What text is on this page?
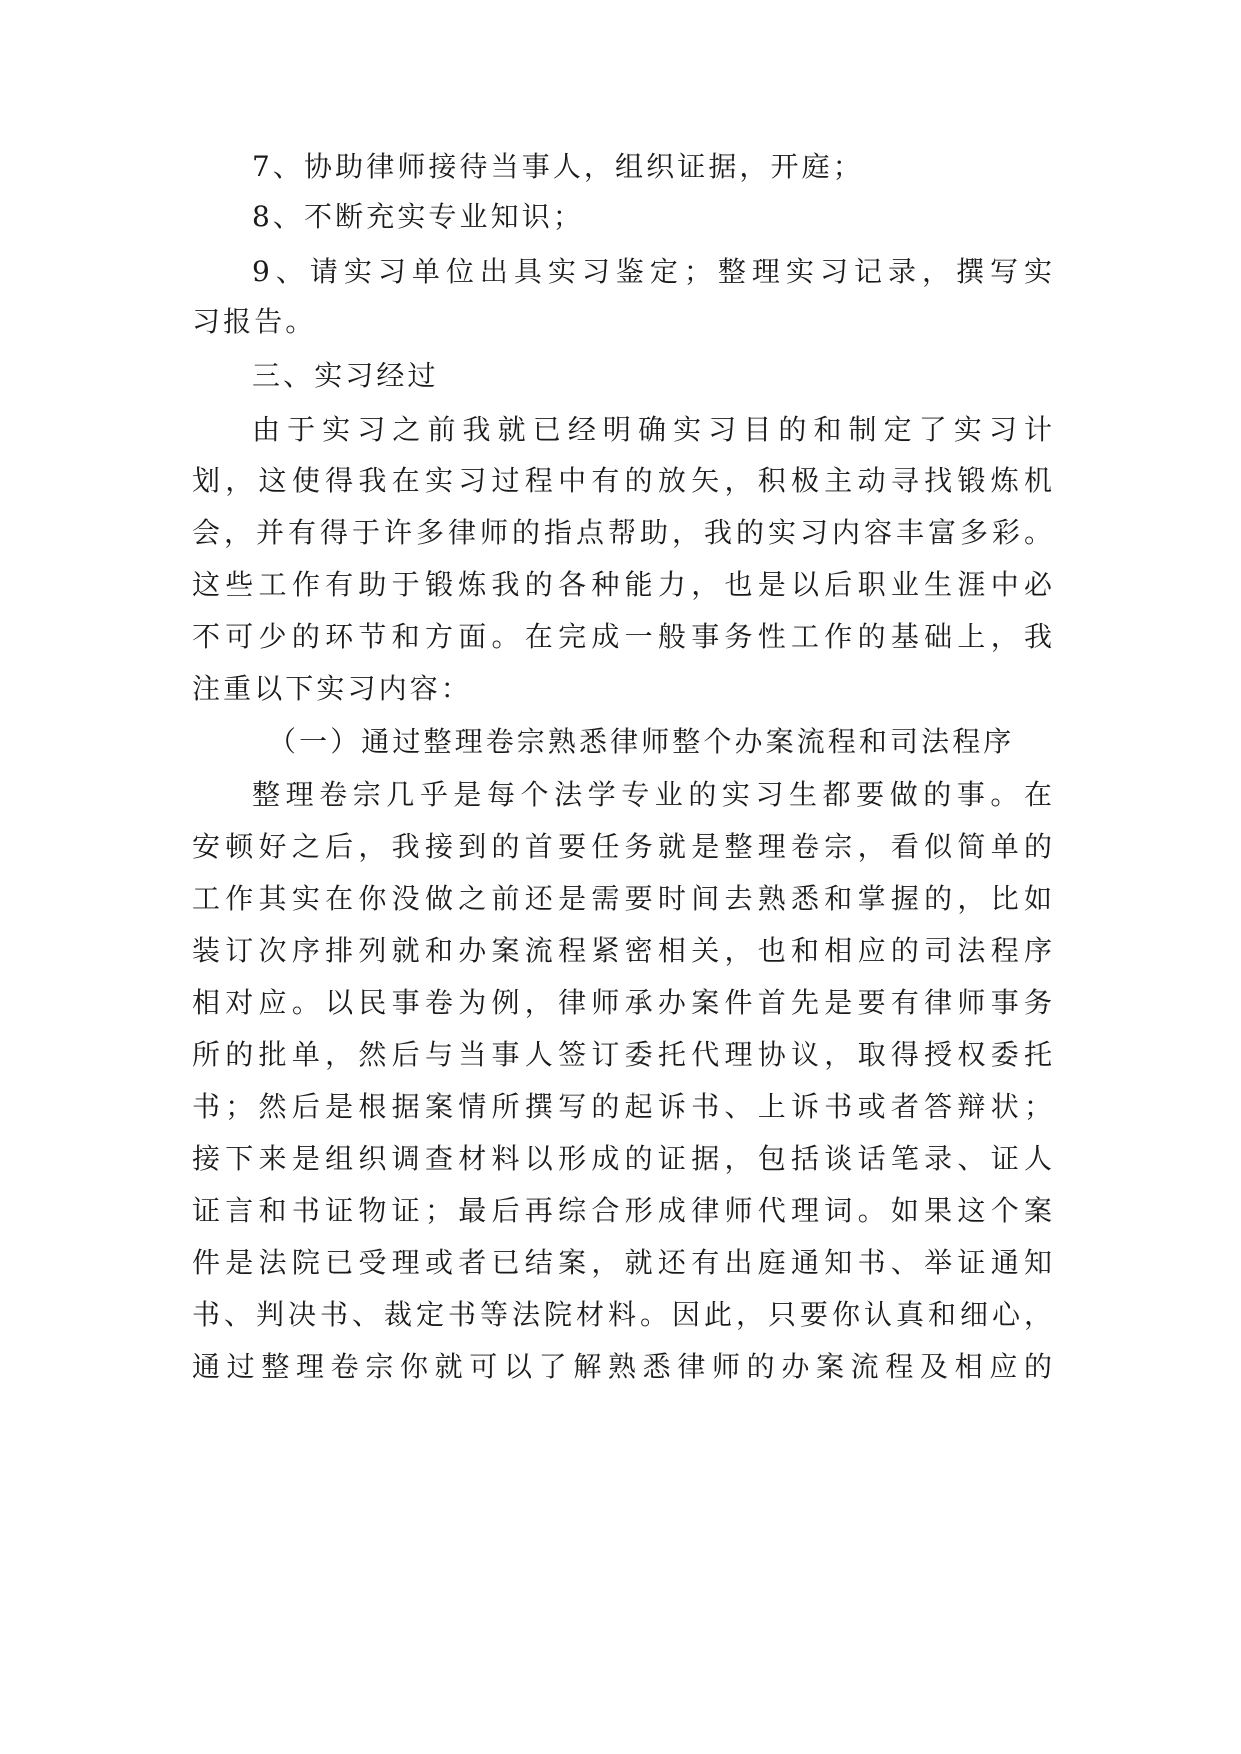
7、协助律师接待当事人，组织证据，开庭；
8、不断充实专业知识；
9、请实习单位出具实习鉴定；整理实习记录，撰写实
习报告。
三、实习经过
由于实习之前我就已经明确实习目的和制定了实习计
划，这使得我在实习过程中有的放矢，积极主动寻找锻炼机
会，并有得于许多律师的指点帮助，我的实习内容丰富多彩。
这些工作有助于锻炼我的各种能力，也是以后职业生涯中必
不可少的环节和方面。在完成一般事务性工作的基础上，我
注重以下实习内容：
（一）通过整理卷宗熟悉律师整个办案流程和司法程序
整理卷宗几乎是每个法学专业的实习生都要做的事。在
安顿好之后，我接到的首要任务就是整理卷宗，看似简单的
工作其实在你没做之前还是需要时间去熟悉和掌握的，比如
装订次序排列就和办案流程紧密相关，也和相应的司法程序
相对应。以民事卷为例，律师承办案件首先是要有律师事务
所的批单，然后与当事人签订委托代理协议，取得授权委托
书；然后是根据案情所撰写的起诉书、上诉书或者答辩状；
接下来是组织调查材料以形成的证据，包括谈话笔录、证人
证言和书证物证；最后再综合形成律师代理词。如果这个案
件是法院已受理或者已结案，就还有出庭通知书、举证通知
书、判决书、裁定书等法院材料。因此，只要你认真和细心，
通过整理卷宗你就可以了解熟悉律师的办案流程及相应的
